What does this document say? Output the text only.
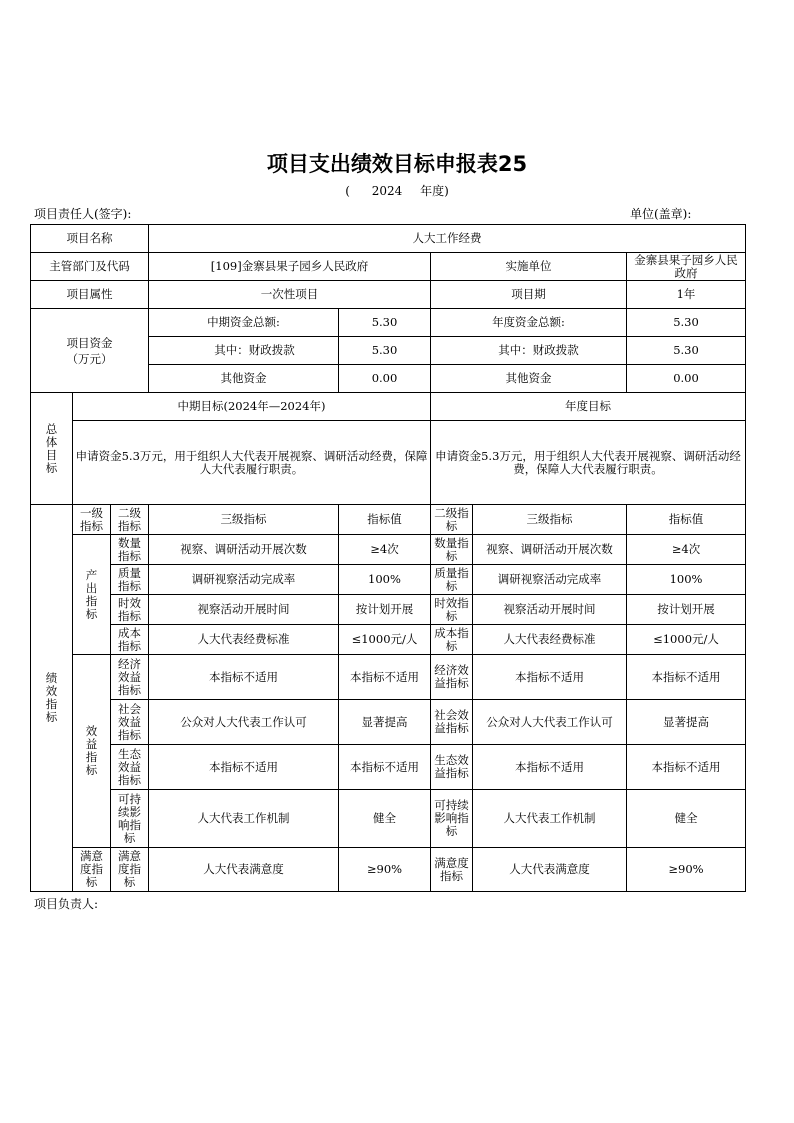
项目支出绩效目标申报表25
( 2024 年度)
项目责任人(签字):	单位(盖章):
项目名称			人大工作经费				
主管部门及代码			[109]金寨县果子园乡人民政府		实施单位		金寨县果子园乡人民政府
项目属性			一次性项目		项目期		1年
项目资金（万元）			中期资金总额:	5.30	年度资金总额:		5.30
			其中：财政拨款	5.30	其中：财政拨款		5.30
			其他资金	0.00	其他资金		0.00
总体目标	中期目标(2024年—2024年)				年度目标		
	申请资金5.3万元，用于组织人大代表开展视察、调研活动经费，保障人大代表履行职责。				申请资金5.3万元，用于组织人大代表开展视察、调研活动经费，保障人大代表履行职责。		
绩效指标	一级指标	二级指标	三级指标	指标值	二级指标	三级指标	指标值
	产出指标	数量指标	视察、调研活动开展次数	≥4次	数量指标	视察、调研活动开展次数	≥4次
		质量指标	调研视察活动完成率	100%	质量指标	调研视察活动完成率	100%
		时效指标	视察活动开展时间	按计划开展	时效指标	视察活动开展时间	按计划开展
		成本指标	人大代表经费标准	≤1000元/人	成本指标	人大代表经费标准	≤1000元/人
	效益指标	经济效益指标	本指标不适用	本指标不适用	经济效益指标	本指标不适用	本指标不适用
		社会效益指标	公众对人大代表工作认可	显著提高	社会效益指标	公众对人大代表工作认可	显著提高
		生态效益指标	本指标不适用	本指标不适用	生态效益指标	本指标不适用	本指标不适用
		可持续影响指标	人大代表工作机制	健全	可持续影响指标	人大代表工作机制	健全
	满意度指标	满意度指标	人大代表满意度	≥90%	满意度指标	人大代表满意度	≥90%
项目负责人:
